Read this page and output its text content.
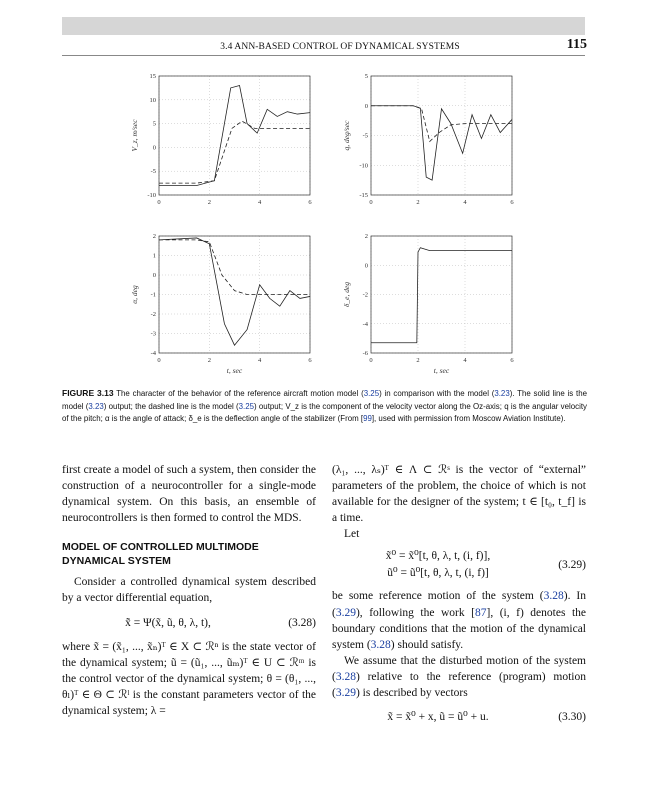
3.4 ANN-BASED CONTROL OF DYNAMICAL SYSTEMS	115
-10
-5
0
5
10
15
0	2	4	6
V_z, m/sec
-15
-10
-5
0
5
0	2	4	6
q, deg/sec
-4
-3
-2
-1
0
1
2
0	2	4	6
α, deg
t, sec
-6
-4
-2
0
2
0	2	4	6
δ_e, deg
t, sec
FIGURE 3.13 The character of the behavior of the reference aircraft motion model (3.25) in comparison with the model (3.23). The solid line is the model (3.23) output; the dashed line is the model (3.25) output; V_z is the component of the velocity vector along the Oz-axis; q is the angular velocity of the pitch; α is the angle of attack; δ_e is the deflection angle of the stabilizer (From [99], used with permission from Moscow Aviation Institute).

first create a model of such a system, then consider the construction of a neurocontroller for a single-mode dynamical system. On this basis, an ensemble of neurocontrollers is then formed to control the MDS.

MODEL OF CONTROLLED MULTIMODE DYNAMICAL SYSTEM

Consider a controlled dynamical system described by a vector differential equation,

x̃̇ = Ψ(x̃, ũ, θ, λ, t),	(3.28)

where x̃ = (x̃₁, ..., x̃ₙ)ᵀ ∈ X ⊂ ℛⁿ is the state vector of the dynamical system; ũ = (ũ₁, ..., ũₘ)ᵀ ∈ U ⊂ ℛᵐ is the control vector of the dynamical system; θ = (θ₁, ..., θₗ)ᵀ ∈ Θ ⊂ ℛˡ is the constant parameters vector of the dynamical system; λ =

(λ₁, ..., λₛ)ᵀ ∈ Λ ⊂ ℛˢ is the vector of “external” parameters of the problem, the choice of which is not available for the designer of the system; t ∈ [t₀, t_f] is a time.

Let

x̃⁰ = x̃⁰[t, θ, λ, t, (i, f)],
ũ⁰ = ũ⁰[t, θ, λ, t, (i, f)]
(3.29)

be some reference motion of the system (3.28). In (3.29), following the work [87], (i, f) denotes the boundary conditions that the motion of the dynamical system (3.28) should satisfy.

We assume that the disturbed motion of the system (3.28) relative to the reference (program) motion (3.29) is described by vectors

x̃ = x̃⁰ + x, ũ = ũ⁰ + u.	(3.30)
